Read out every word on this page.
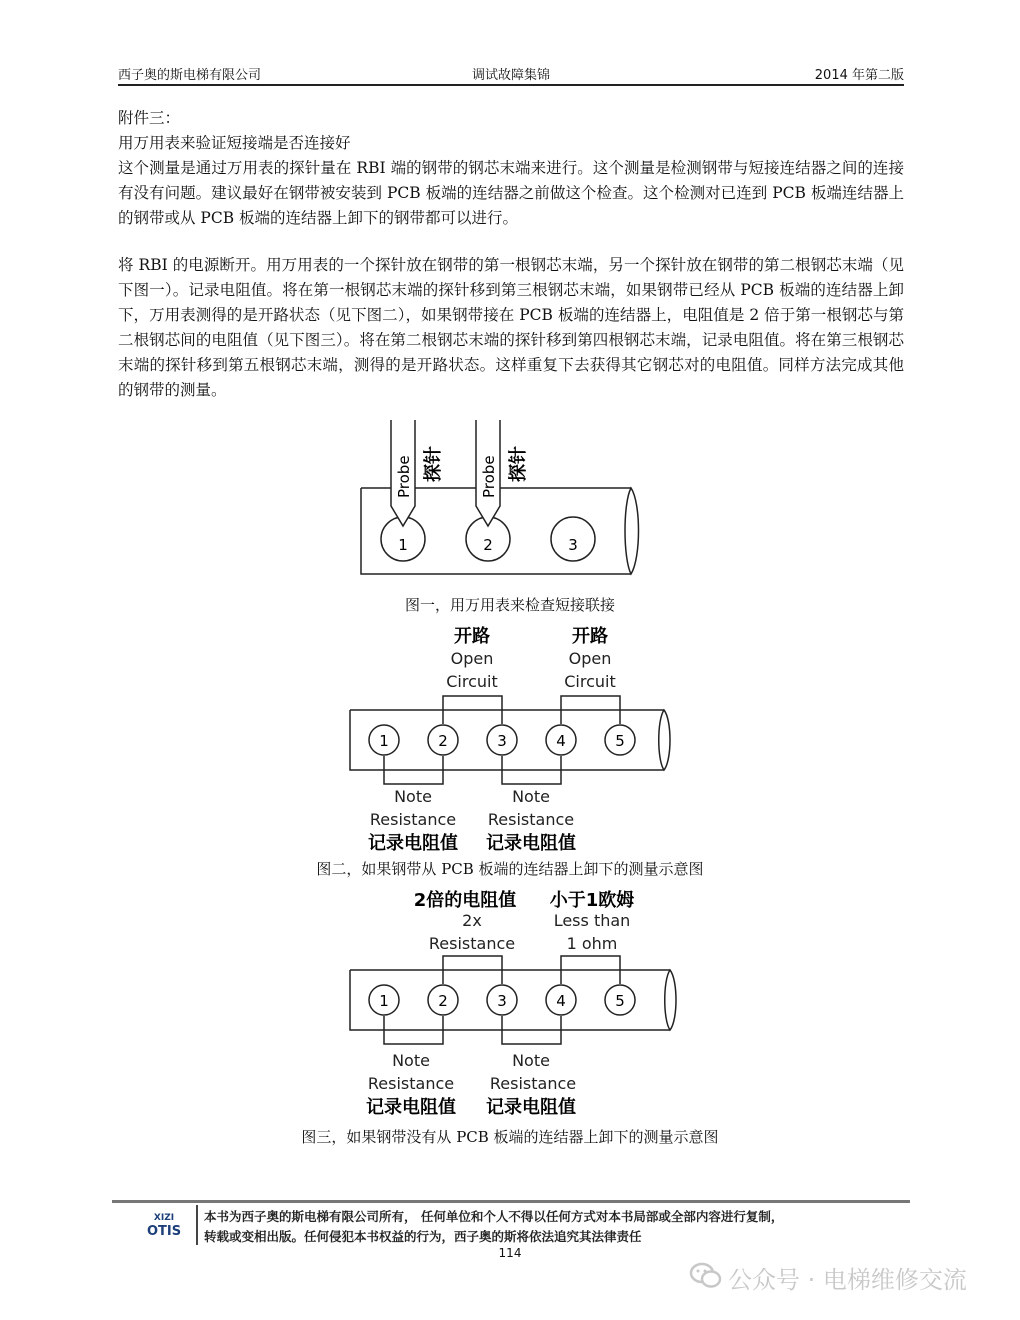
西子奥的斯电梯有限公司	调试故障集锦	2014 年第二版

附件三：

用万用表来验证短接端是否连接好

这个测量是通过万用表的探针量在 RBI 端的钢带的钢芯末端来进行。这个测量是检测钢带与短接连结器之间的连接有没有问题。建议最好在钢带被安装到 PCB 板端的连结器之前做这个检查。这个检测对已连到 PCB 板端连结器上的钢带或从 PCB 板端的连结器上卸下的钢带都可以进行。

将 RBI 的电源断开。用万用表的一个探针放在钢带的第一根钢芯末端，另一个探针放在钢带的第二根钢芯末端（见下图一）。记录电阻值。将在第一根钢芯末端的探针移到第三根钢芯末端，如果钢带已经从 PCB 板端的连结器上卸下，万用表测得的是开路状态（见下图二），如果钢带接在 PCB 板端的连结器上，电阻值是 2 倍于第一根钢芯与第二根钢芯间的电阻值（见下图三）。将在第二根钢芯末端的探针移到第四根钢芯末端，记录电阻值。将在第三根钢芯末端的探针移到第五根钢芯末端，测得的是开路状态。这样重复下去获得其它钢芯对的电阻值。同样方法完成其他的钢带的测量。

Probe 探针 Probe 探针
1	2	3
图一，用万用表来检查短接联接
开路	开路
Open	Open
Circuit	Circuit
1	2	3	4	5
Note	Note
Resistance Resistance
记录电阻值 记录电阻值
图二，如果钢带从 PCB 板端的连结器上卸下的测量示意图
2倍的电阻值 小于1欧姆
2x	Less than
Resistance	1 ohm
1	2	3	4	5
Note	Note
Resistance Resistance
记录电阻值 记录电阻值
图三，如果钢带没有从 PCB 板端的连结器上卸下的测量示意图
XIZI
OTIS
本书为西子奥的斯电梯有限公司所有， 任何单位和个人不得以任何方式对本书局部或全部内容进行复制，
转载或变相出版。任何侵犯本书权益的行为，西子奥的斯将依法追究其法律责任
114
公众号 · 电梯维修交流
